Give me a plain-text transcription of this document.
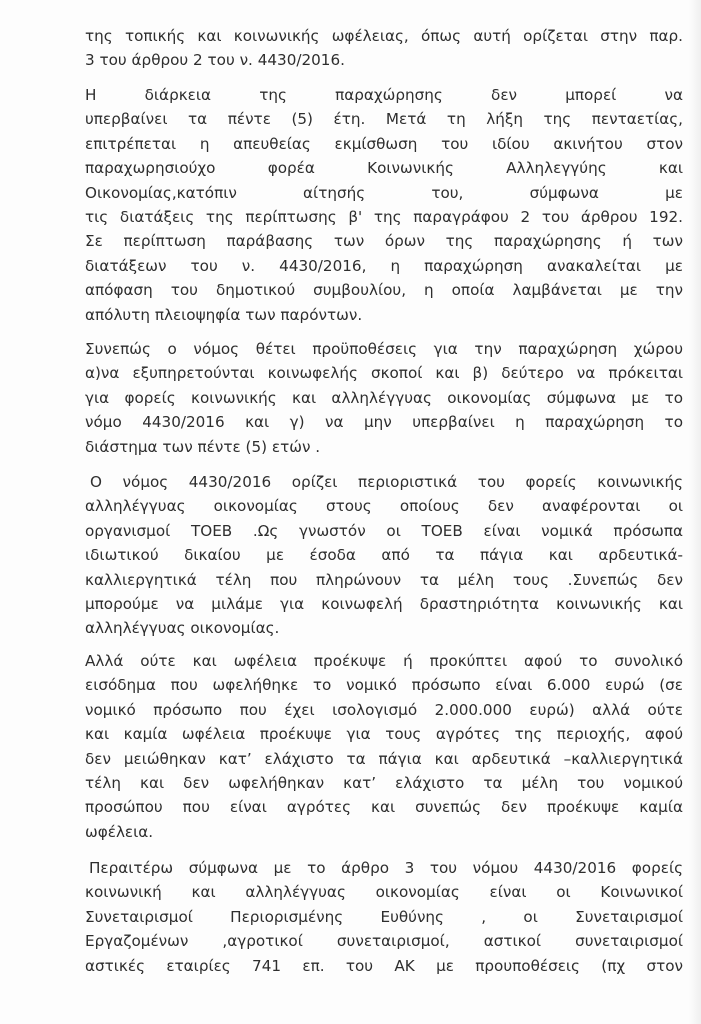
της τοπικής και κοινωνικής ωφέλειας, όπως αυτή ορίζεται στην παρ.
3 του άρθρου 2 του ν. 4430/2016.
Η διάρκεια της παραχώρησης δεν μπορεί να
υπερβαίνει τα πέντε (5) έτη. Μετά τη λήξη της πενταετίας,
επιτρέπεται η απευθείας εκμίσθωση του ιδίου ακινήτου στον
παραχωρησιούχο φορέα Κοινωνικής Αλληλεγγύης και
Οικονομίας,κατόπιν αίτησής του, σύμφωνα με
τις διατάξεις της περίπτωσης β' της παραγράφου 2 του άρθρου 192.
Σε περίπτωση παράβασης των όρων της παραχώρησης ή των
διατάξεων του ν. 4430/2016, η παραχώρηση ανακαλείται με
απόφαση του δημοτικού συμβουλίου, η οποία λαμβάνεται με την
απόλυτη πλειοψηφία των παρόντων.
Συνεπώς ο νόμος θέτει προϋποθέσεις για την παραχώρηση χώρου
α)να εξυπηρετούνται κοινωφελής σκοποί και β) δεύτερο να πρόκειται
για φορείς κοινωνικής και αλληλέγγυας οικονομίας σύμφωνα με το
νόμο 4430/2016 και γ) να μην υπερβαίνει η παραχώρηση το
διάστημα των πέντε (5) ετών .
Ο νόμος 4430/2016 ορίζει περιοριστικά του φορείς κοινωνικής
αλληλέγγυας οικονομίας στους οποίους δεν αναφέρονται οι
οργανισμοί ΤΟΕΒ .Ως γνωστόν οι ΤΟΕΒ είναι νομικά πρόσωπα
ιδιωτικού δικαίου με έσοδα από τα πάγια και αρδευτικά-
καλλιεργητικά τέλη που πληρώνουν τα μέλη τους .Συνεπώς δεν
μπορούμε να μιλάμε για κοινωφελή δραστηριότητα κοινωνικής και
αλληλέγγυας οικονομίας.
Αλλά ούτε και ωφέλεια προέκυψε ή προκύπτει αφού το συνολικό
εισόδημα που ωφελήθηκε το νομικό πρόσωπο είναι 6.000 ευρώ (σε
νομικό πρόσωπο που έχει ισολογισμό 2.000.000 ευρώ) αλλά ούτε
και καμία ωφέλεια προέκυψε για τους αγρότες της περιοχής, αφού
δεν μειώθηκαν κατ’ ελάχιστο τα πάγια και αρδευτικά –καλλιεργητικά
τέλη και δεν ωφελήθηκαν κατ’ ελάχιστο τα μέλη του νομικού
προσώπου που είναι αγρότες και συνεπώς δεν προέκυψε καμία
ωφέλεια.
Περαιτέρω σύμφωνα με το άρθρο 3 του νόμου 4430/2016 φορείς
κοινωνική και αλληλέγγυας οικονομίας είναι οι Κοινωνικοί
Συνεταιρισμοί Περιορισμένης Ευθύνης , οι Συνεταιρισμοί
Εργαζομένων ,αγροτικοί συνεταιρισμοί, αστικοί συνεταιρισμοί
αστικές εταιρίες 741 επ. του ΑΚ με προυποθέσεις (πχ στον
